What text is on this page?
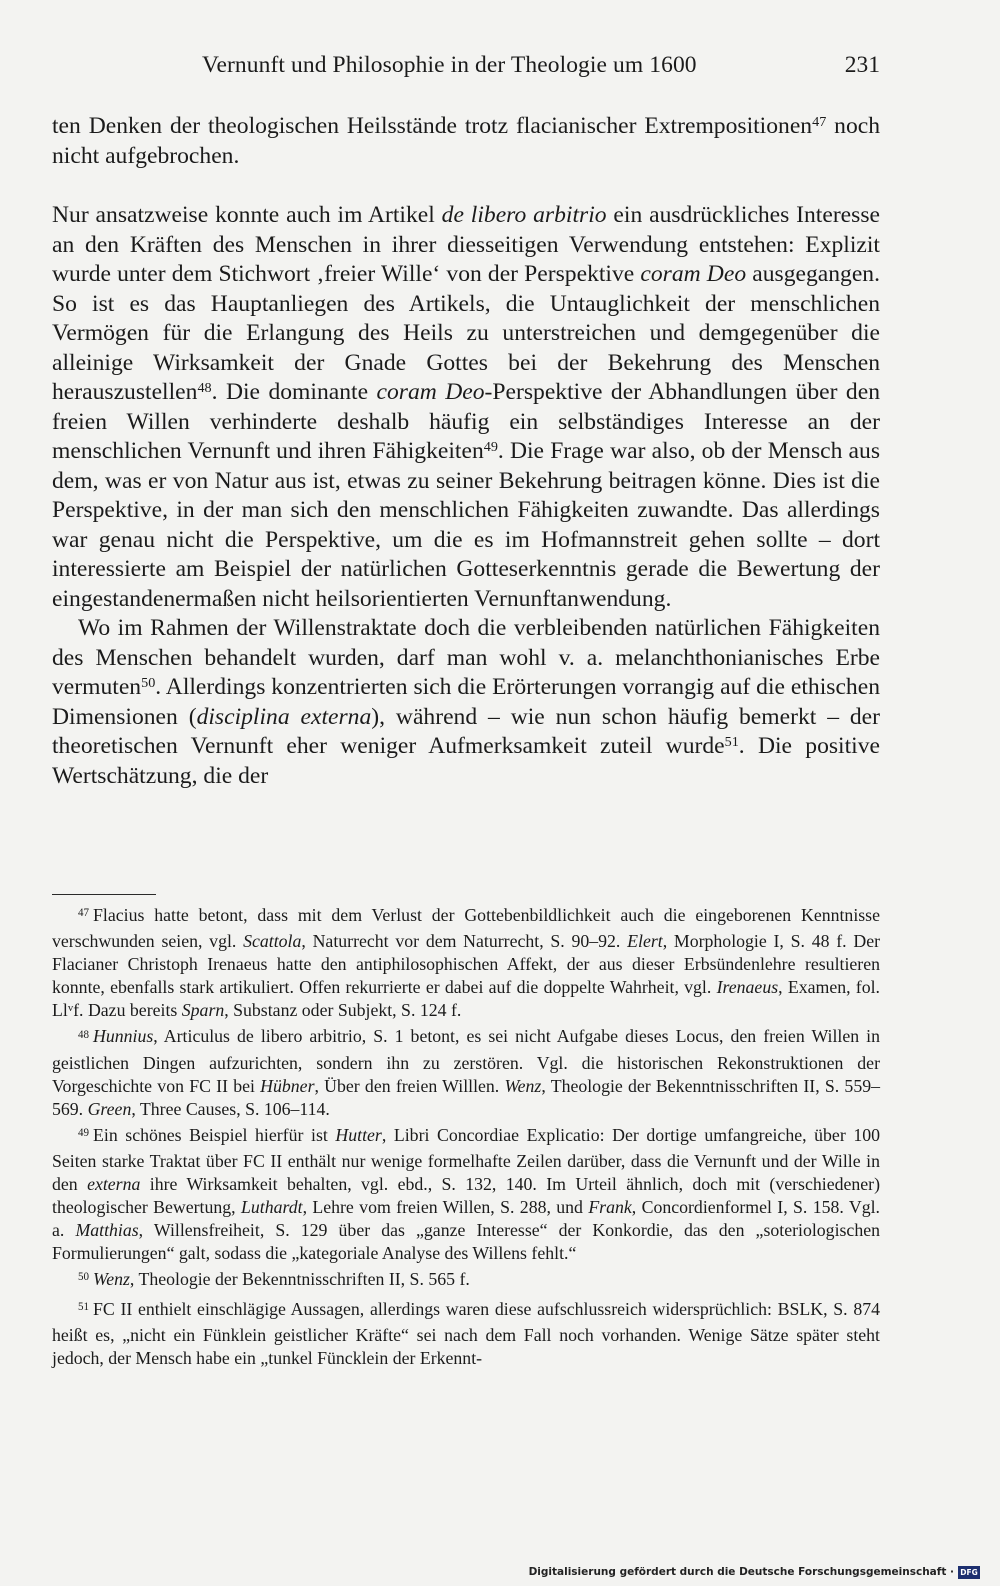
Vernunft und Philosophie in der Theologie um 1600	231

ten Denken der theologischen Heilsstände trotz flacianischer Extrempositionen$^{47}$ noch nicht aufgebrochen.

Nur ansatzweise konnte auch im Artikel de libero arbitrio ein ausdrückliches Interesse an den Kräften des Menschen in ihrer diesseitigen Verwendung entstehen: Explizit wurde unter dem Stichwort ‚freier Wille‘ von der Perspektive coram Deo ausgegangen. So ist es das Hauptanliegen des Artikels, die Untauglichkeit der menschlichen Vermögen für die Erlangung des Heils zu unterstreichen und demgegenüber die alleinige Wirksamkeit der Gnade Gottes bei der Bekehrung des Menschen herauszustellen$^{48}$. Die dominante coram Deo-Perspektive der Abhandlungen über den freien Willen verhinderte deshalb häufig ein selbständiges Interesse an der menschlichen Vernunft und ihren Fähigkeiten$^{49}$. Die Frage war also, ob der Mensch aus dem, was er von Natur aus ist, etwas zu seiner Bekehrung beitragen könne. Dies ist die Perspektive, in der man sich den menschlichen Fähigkeiten zuwandte. Das allerdings war genau nicht die Perspektive, um die es im Hofmannstreit gehen sollte – dort interessierte am Beispiel der natürlichen Gotteserkenntnis gerade die Bewertung der eingestandenermaßen nicht heilsorientierten Vernunftanwendung.

Wo im Rahmen der Willenstraktate doch die verbleibenden natürlichen Fähigkeiten des Menschen behandelt wurden, darf man wohl v. a. melanchthonianisches Erbe vermuten$^{50}$. Allerdings konzentrierten sich die Erörterungen vorrangig auf die ethischen Dimensionen (disciplina externa), während – wie nun schon häufig bemerkt – der theoretischen Vernunft eher weniger Aufmerksamkeit zuteil wurde$^{51}$. Die positive Wertschätzung, die der

$^{47}$ Flacius hatte betont, dass mit dem Verlust der Gottebenbildlichkeit auch die eingeborenen Kenntnisse verschwunden seien, vgl. Scattola, Naturrecht vor dem Naturrecht, S. 90–92. Elert, Morphologie I, S. 48 f. Der Flacianer Christoph Irenaeus hatte den antiphilosophischen Affekt, der aus dieser Erbsündenlehre resultieren konnte, ebenfalls stark artikuliert. Offen rekurrierte er dabei auf die doppelte Wahrheit, vgl. Irenaeus, Examen, fol. Ll$^v$f. Dazu bereits Sparn, Substanz oder Subjekt, S. 124 f.

$^{48}$ Hunnius, Articulus de libero arbitrio, S. 1 betont, es sei nicht Aufgabe dieses Locus, den freien Willen in geistlichen Dingen aufzurichten, sondern ihn zu zerstören. Vgl. die historischen Rekonstruktionen der Vorgeschichte von FC II bei Hübner, Über den freien Willlen. Wenz, Theologie der Bekenntnisschriften II, S. 559–569. Green, Three Causes, S. 106–114.

$^{49}$ Ein schönes Beispiel hierfür ist Hutter, Libri Concordiae Explicatio: Der dortige umfangreiche, über 100 Seiten starke Traktat über FC II enthält nur wenige formelhafte Zeilen darüber, dass die Vernunft und der Wille in den externa ihre Wirksamkeit behalten, vgl. ebd., S. 132, 140. Im Urteil ähnlich, doch mit (verschiedener) theologischer Bewertung, Luthardt, Lehre vom freien Willen, S. 288, und Frank, Concordienformel I, S. 158. Vgl. a. Matthias, Willensfreiheit, S. 129 über das „ganze Interesse“ der Konkordie, das den „soteriologischen Formulierungen“ galt, sodass die „kategoriale Analyse des Willens fehlt.“

$^{50}$ Wenz, Theologie der Bekenntnisschriften II, S. 565 f.

$^{51}$ FC II enthielt einschlägige Aussagen, allerdings waren diese aufschlussreich widersprüchlich: BSLK, S. 874 heißt es, „nicht ein Fünklein geistlicher Kräfte“ sei nach dem Fall noch vorhanden. Wenige Sätze später steht jedoch, der Mensch habe ein „tunkel Füncklein der Erkennt-

Digitalisierung gefördert durch die Deutsche Forschungsgemeinschaft · DFG
